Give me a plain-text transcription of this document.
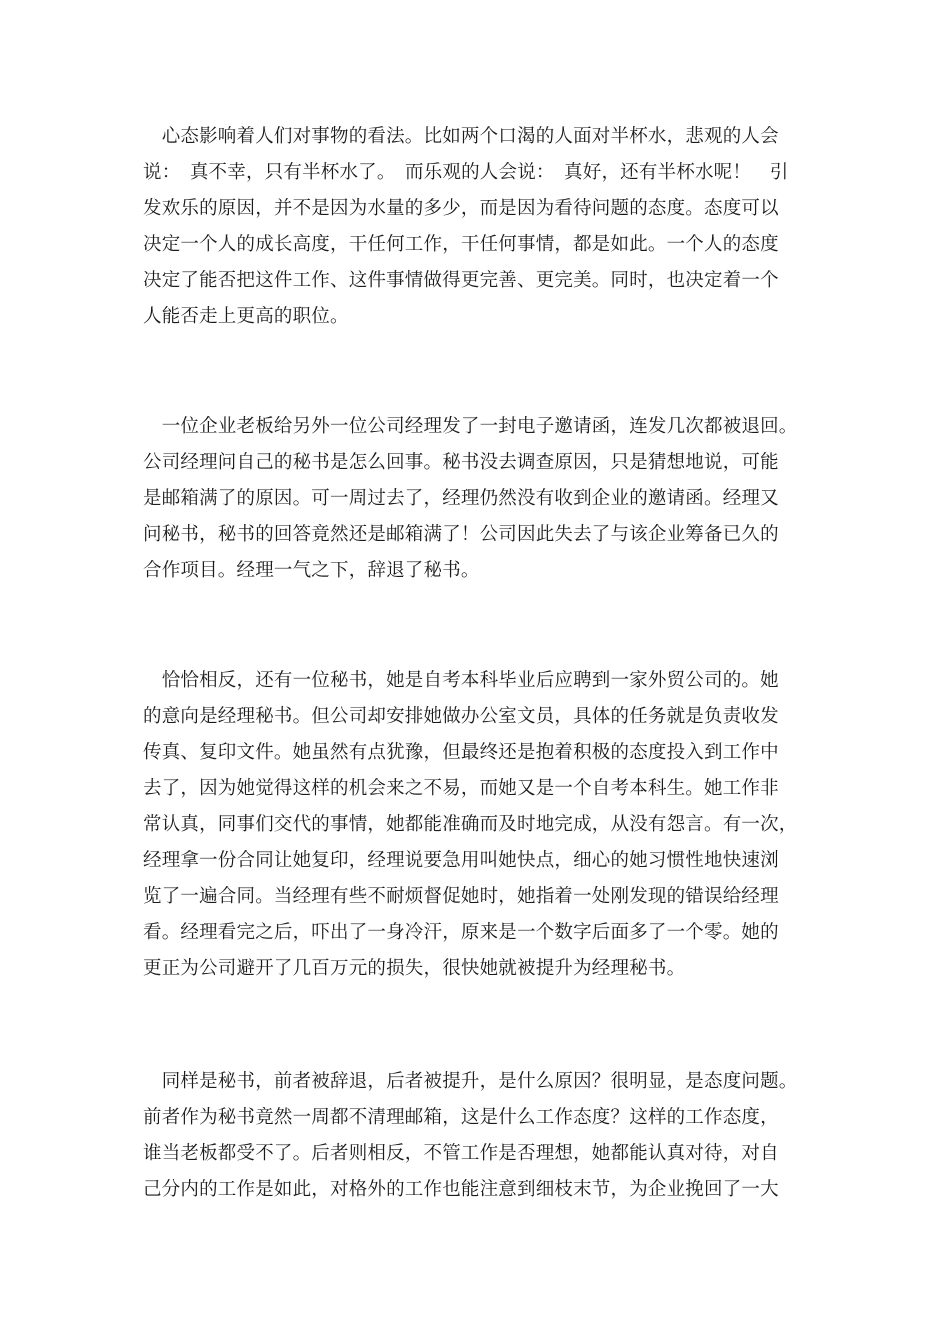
　心态影响着人们对事物的看法。比如两个口渴的人面对半杯水，悲观的人会
说：　真不幸，只有半杯水了。　而乐观的人会说：　真好，还有半杯水呢！　引
发欢乐的原因，并不是因为水量的多少，而是因为看待问题的态度。态度可以
决定一个人的成长高度，干任何工作，干任何事情，都是如此。一个人的态度
决定了能否把这件工作、这件事情做得更完善、更完美。同时，也决定着一个
人能否走上更高的职位。
　一位企业老板给另外一位公司经理发了一封电子邀请函，连发几次都被退回。
公司经理问自己的秘书是怎么回事。秘书没去调查原因，只是猜想地说，可能
是邮箱满了的原因。可一周过去了，经理仍然没有收到企业的邀请函。经理又
问秘书，秘书的回答竟然还是邮箱满了！公司因此失去了与该企业筹备已久的
合作项目。经理一气之下，辞退了秘书。
　恰恰相反，还有一位秘书，她是自考本科毕业后应聘到一家外贸公司的。她
的意向是经理秘书。但公司却安排她做办公室文员，具体的任务就是负责收发
传真、复印文件。她虽然有点犹豫，但最终还是抱着积极的态度投入到工作中
去了，因为她觉得这样的机会来之不易，而她又是一个自考本科生。她工作非
常认真，同事们交代的事情，她都能准确而及时地完成，从没有怨言。有一次，
经理拿一份合同让她复印，经理说要急用叫她快点，细心的她习惯性地快速浏
览了一遍合同。当经理有些不耐烦督促她时，她指着一处刚发现的错误给经理
看。经理看完之后，吓出了一身冷汗，原来是一个数字后面多了一个零。她的
更正为公司避开了几百万元的损失，很快她就被提升为经理秘书。
　同样是秘书，前者被辞退，后者被提升，是什么原因？很明显，是态度问题。
前者作为秘书竟然一周都不清理邮箱，这是什么工作态度？这样的工作态度，
谁当老板都受不了。后者则相反，不管工作是否理想，她都能认真对待，对自
己分内的工作是如此，对格外的工作也能注意到细枝末节，为企业挽回了一大
